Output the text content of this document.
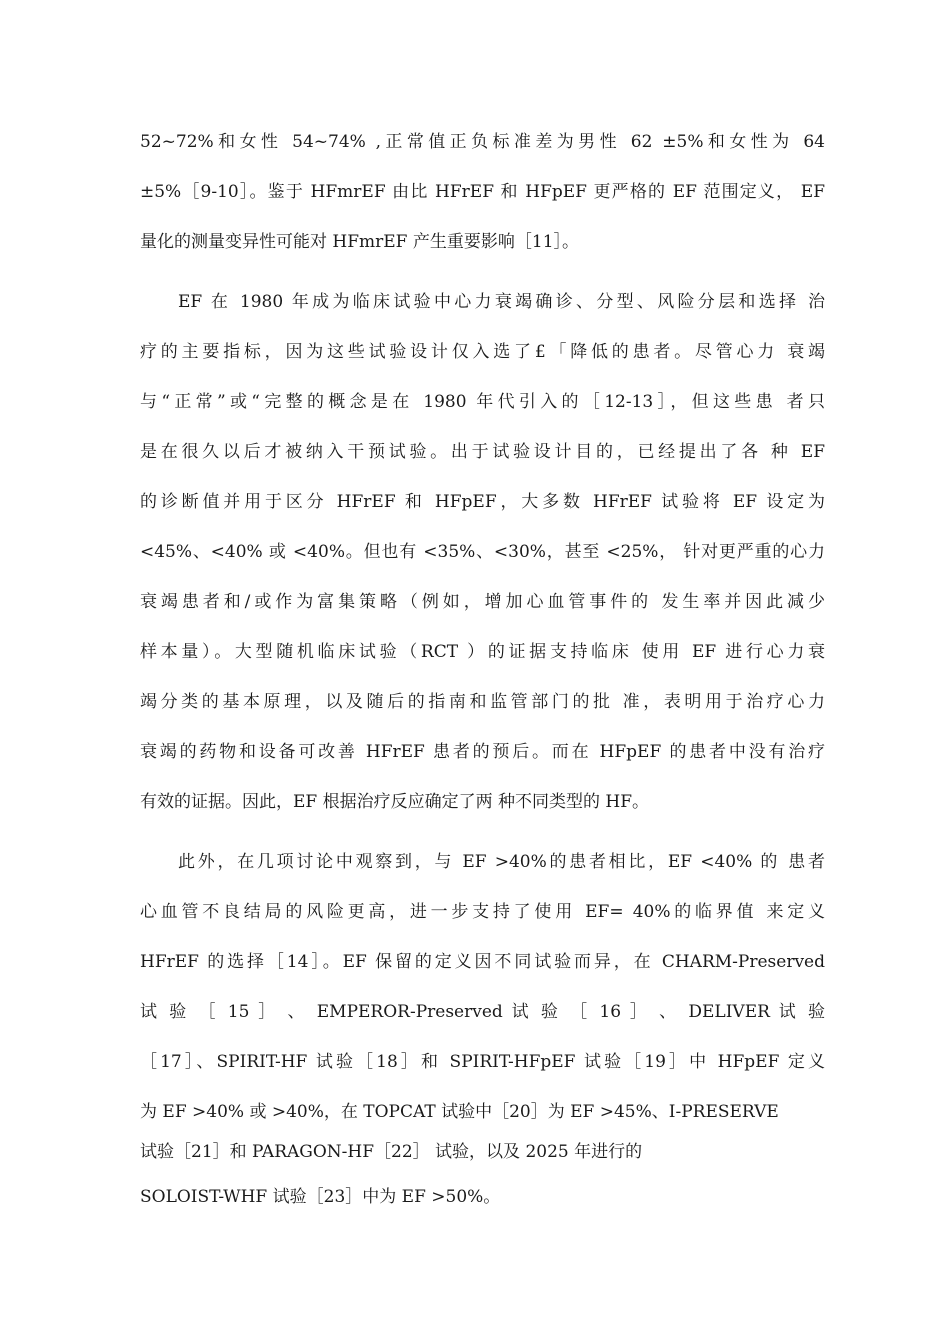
52~72%和女性 54~74% ,正常值正负标准差为男性 62 ±5%和女性为 64
±5%［9-10］。鉴于 HFmrEF 由比 HFrEF 和 HFpEF 更严格的 EF 范围定义， EF
量化的测量变异性可能对 HFmrEF 产生重要影响［11］。
EF 在 1980 年成为临床试验中心力衰竭确诊、分型、风险分层和选择 治
疗的主要指标，因为这些试验设计仅入选了£「降低的患者。尽管心力 衰竭
与“正常”或“完整的概念是在 1980 年代引入的［12-13］，但这些患 者只
是在很久以后才被纳入干预试验。出于试验设计目的，已经提出了各 种 EF
的诊断值并用于区分 HFrEF 和 HFpEF，大多数 HFrEF 试验将 EF 设定为
<45%、<40% 或 <40%。但也有 <35%、<30%，甚至 <25%， 针对更严重的心力
衰竭患者和/或作为富集策略（例如，增加心血管事件的 发生率并因此减少
样本量）。大型随机临床试验（RCT ）的证据支持临床 使用 EF 进行心力衰
竭分类的基本原理，以及随后的指南和监管部门的批 准，表明用于治疗心力
衰竭的药物和设备可改善 HFrEF 患者的预后。而在 HFpEF 的患者中没有治疗
有效的证据。因此，EF 根据治疗反应确定了两 种不同类型的 HF。
此外，在几项讨论中观察到，与 EF >40%的患者相比，EF <40% 的 患者
心血管不良结局的风险更高，进一步支持了使用 EF= 40%的临界值 来定义
HFrEF 的选择［14］。EF 保留的定义因不同试验而异，在 CHARM-Preserved
试 验 ［ 15 ］ 、 EMPEROR-Preserved 试 验 ［ 16 ］ 、 DELIVER 试 验
［17］、SPIRIT-HF 试验［18］和 SPIRIT-HFpEF 试验［19］中 HFpEF 定义
为 EF >40% 或 >40%，在 TOPCAT 试验中［20］为 EF >45%、I-PRESERVE
试验［21］和 PARAGON-HF［22］ 试验，以及 2025 年进行的
SOLOIST-WHF 试验［23］中为 EF >50%。
